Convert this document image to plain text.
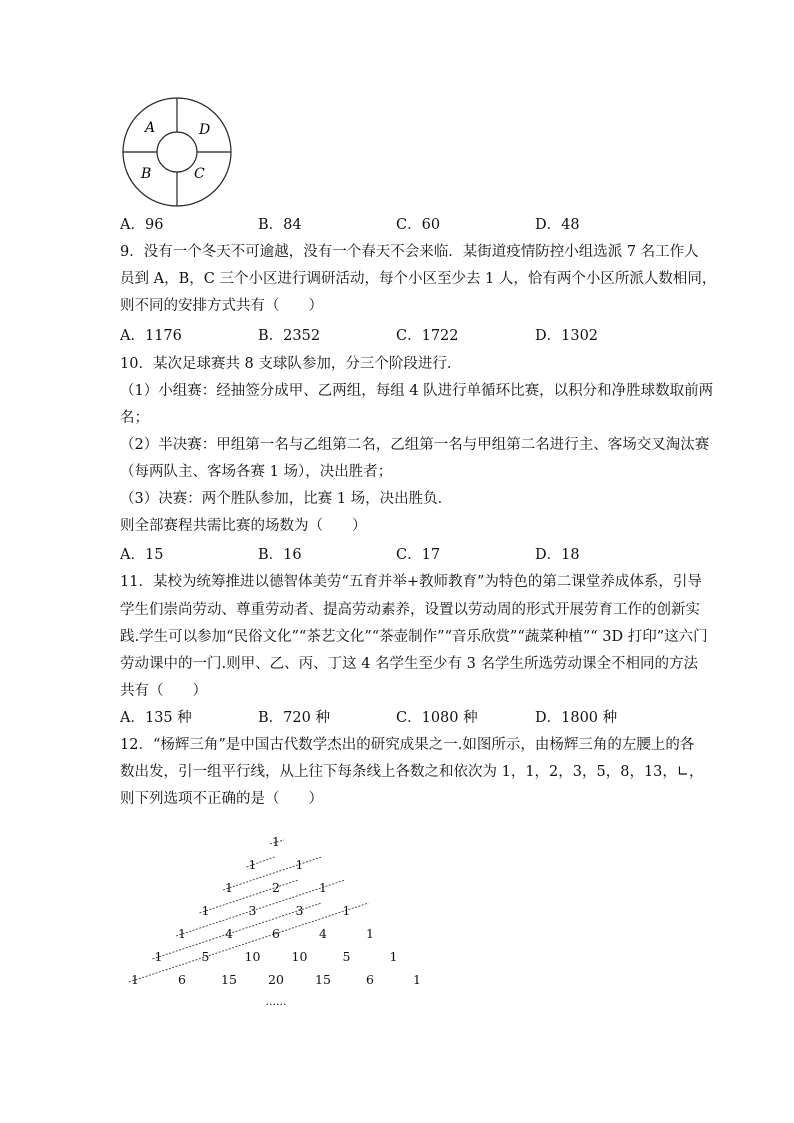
A	D
B	C
A．96	B．84	C．60	D．48
9．没有一个冬天不可逾越，没有一个春天不会来临．某街道疫情防控小组选派 7 名工作人
员到 A，B，C 三个小区进行调研活动，每个小区至少去 1 人，恰有两个小区所派人数相同，
则不同的安排方式共有（　　）
A．1176	B．2352	C．1722	D．1302
10．某次足球赛共 8 支球队参加，分三个阶段进行．
（1）小组赛：经抽签分成甲、乙两组，每组 4 队进行单循环比赛，以积分和净胜球数取前两
名；
（2）半决赛：甲组第一名与乙组第二名，乙组第一名与甲组第二名进行主、客场交叉淘汰赛
（每两队主、客场各赛 1 场），决出胜者；
（3）决赛：两个胜队参加，比赛 1 场，决出胜负．
则全部赛程共需比赛的场数为（　　）
A．15	B．16	C．17	D．18
11．某校为统筹推进以德智体美劳“五育并举+教师教育”为特色的第二课堂养成体系，引导
学生们崇尚劳动、尊重劳动者、提高劳动素养，设置以劳动周的形式开展劳育工作的创新实
践.学生可以参加“民俗文化”“茶艺文化”“茶壶制作”“音乐欣赏”“蔬菜种植”“ 3D 打印”这六门
劳动课中的一门.则甲、乙、丙、丁这 4 名学生至少有 3 名学生所选劳动课全不相同的方法
共有（　　）
A．135 种	B．720 种	C．1080 种	D．1800 种
12．“杨辉三角”是中国古代数学杰出的研究成果之一.如图所示，由杨辉三角的左腰上的各
数出发，引一组平行线，从上往下每条线上各数之和依次为 1，1，2，3，5，8，13，∟，
则下列选项不正确的是（　　）
1
1	1
1	2	1
1	3	3	1
1	4	6	4	1
1	5	10 10	5	1
1	6	15 20 15	6	1
......
